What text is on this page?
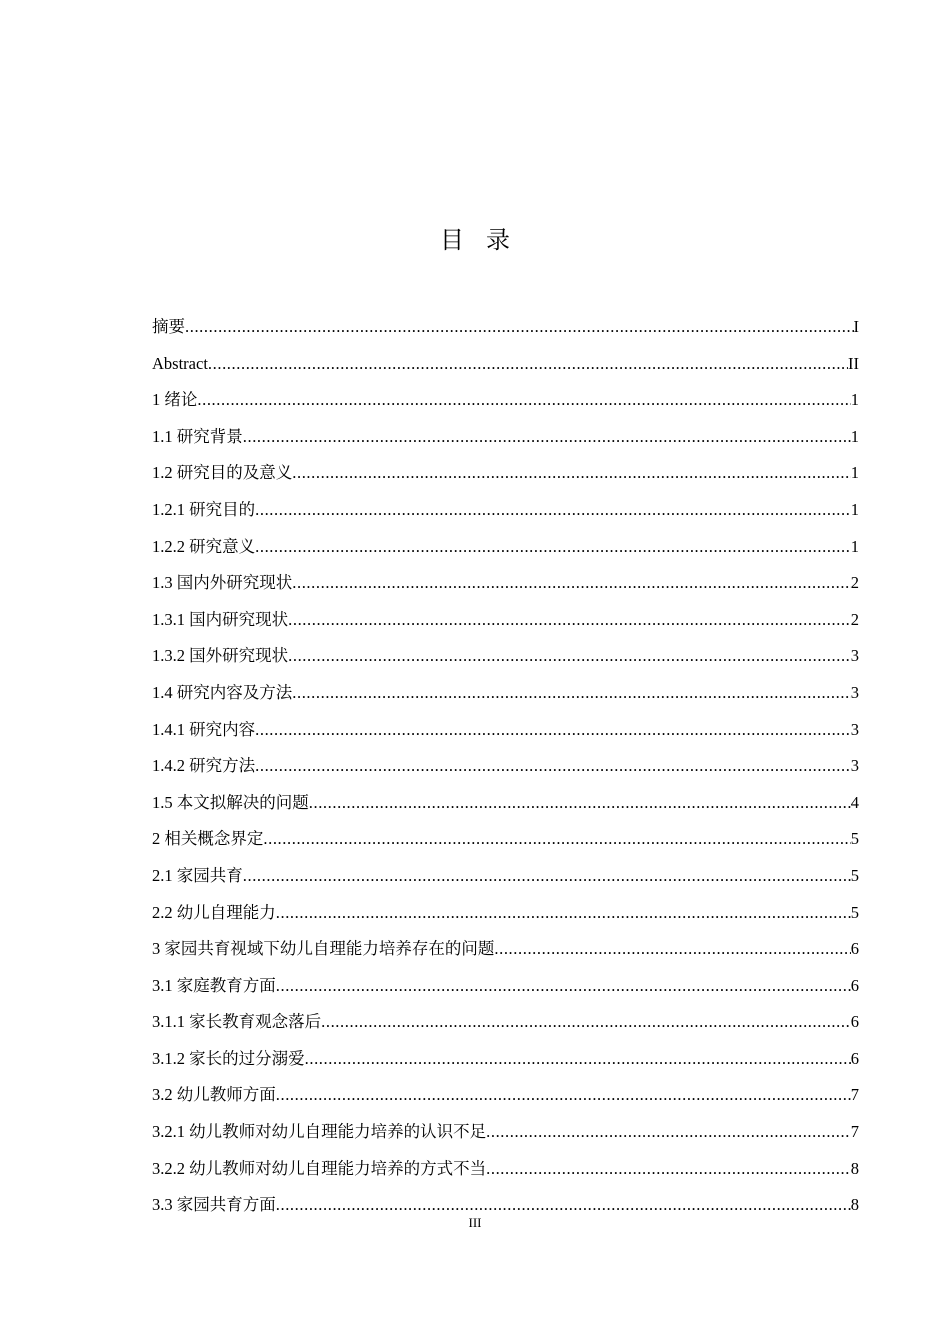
目录
摘要 .....	I
Abstract .....	II
1 绪论 .....	1
1.1 研究背景 .....	1
1.2 研究目的及意义 .....	1
1.2.1 研究目的 .....	1
1.2.2 研究意义 .....	1
1.3 国内外研究现状 .....	2
1.3.1 国内研究现状 .....	2
1.3.2 国外研究现状 .....	3
1.4 研究内容及方法 .....	3
1.4.1 研究内容 .....	3
1.4.2 研究方法 .....	3
1.5 本文拟解决的问题 .....	4
2 相关概念界定 .....	5
2.1 家园共育 .....	5
2.2 幼儿自理能力 .....	5
3 家园共育视域下幼儿自理能力培养存在的问题 .....	6
3.1 家庭教育方面 .....	6
3.1.1 家长教育观念落后 .....	6
3.1.2 家长的过分溺爱 .....	6
3.2 幼儿教师方面 .....	7
3.2.1 幼儿教师对幼儿自理能力培养的认识不足 .....	7
3.2.2 幼儿教师对幼儿自理能力培养的方式不当 .....	8
3.3 家园共育方面 .....	8
III
